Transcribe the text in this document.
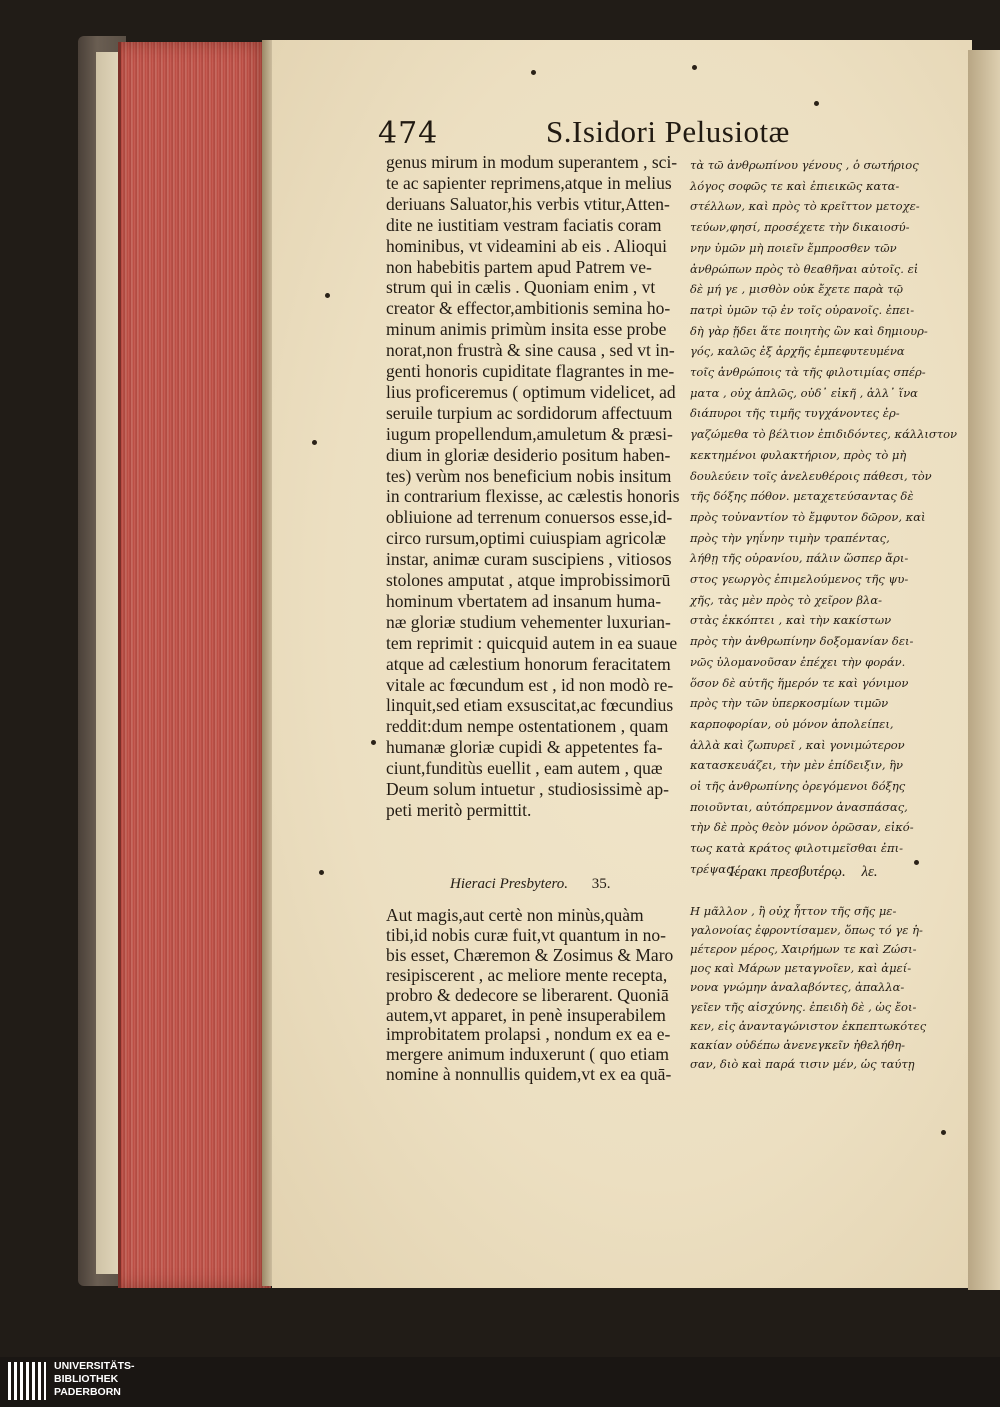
474	S.Isidori Pelusiotæ
genus mirum in modum superantem , sci-
te ac sapienter reprimens,atque in melius
deriuans Saluator,his verbis vtitur,Atten-
dite ne iustitiam vestram faciatis coram
hominibus, vt videamini ab eis . Alioqui
non habebitis partem apud Patrem ve-
strum qui in cælis . Quoniam enim , vt
creator & effector,ambitionis semina ho-
minum animis primùm insita esse probe
norat,non frustrà & sine causa , sed vt in-
genti honoris cupiditate flagrantes in me-
lius proficeremus ( optimum videlicet, ad
seruile turpium ac sordidorum affectuum
iugum propellendum,amuletum & præsi-
dium in gloriæ desiderio positum haben-
tes) verùm nos beneficium nobis insitum
in contrarium flexisse, ac cælestis honoris
obliuione ad terrenum conuersos esse,id-
circo rursum,optimi cuiuspiam agricolæ
instar, animæ curam suscipiens , vitiosos
stolones amputat , atque improbissimorū
hominum vbertatem ad insanum huma-
næ gloriæ studium vehementer luxurian-
tem reprimit : quicquid autem in ea suaue
atque ad cælestium honorum feracitatem
vitale ac fœcundum est , id non modò re-
linquit,sed etiam exsuscitat,ac fœcundius
reddit:dum nempe ostentationem , quam
humanæ gloriæ cupidi & appetentes fa-
ciunt,funditùs euellit , eam autem , quæ
Deum solum intuetur , studiosissimè ap-
peti meritò permittit.
Hieraci Presbytero. 35.
Aut magis,aut certè non minùs,quàm
tibi,id nobis curæ fuit,vt quantum in no-
bis esset, Chæremon & Zosimus & Maro
resipiscerent , ac meliore mente recepta,
probro & dedecore se liberarent. Quoniā
autem,vt apparet, in penè insuperabilem
improbitatem prolapsi , nondum ex ea e-
mergere animum induxerunt ( quo etiam
nomine à nonnullis quidem,vt ex ea quā-
τὰ τῶ ἀνθρωπίνου γένους , ὁ σωτήριος
λόγος σοφῶς τε καὶ ἐπιεικῶς κατα-
στέλλων, καὶ πρὸς τὸ κρεῖττον μετοχε-
τεύων,φησί, προσέχετε τὴν δικαιοσύ-
νην ὑμῶν μὴ ποιεῖν ἔμπροσθεν τῶν
ἀνθρώπων πρὸς τὸ θεαθῆναι αὐτοῖς. εἰ
δὲ μή γε , μισθὸν οὐκ ἔχετε παρὰ τῷ
πατρὶ ὑμῶν τῷ ἐν τοῖς οὐρανοῖς. ἐπει-
δὴ γὰρ ᾔδει ἅτε ποιητὴς ὢν καὶ δημιουρ-
γός, καλῶς ἐξ ἀρχῆς ἐμπεφυτευμένα
τοῖς ἀνθρώποις τὰ τῆς φιλοτιμίας σπέρ-
ματα , οὐχ ἁπλῶς, οὐδ᾽ εἰκῆ , ἀλλ᾽ ἵνα
διάπυροι τῆς τιμῆς τυγχάνοντες ἐρ-
γαζώμεθα τὸ βέλτιον ἐπιδιδόντες, κάλλιστον
κεκτημένοι φυλακτήριον, πρὸς τὸ μὴ
δουλεύειν τοῖς ἀνελευθέροις πάθεσι, τὸν
τῆς δόξης πόθον. μεταχετεύσαντας δὲ
πρὸς τοὐναντίον τὸ ἔμφυτον δῶρον, καὶ
πρὸς τὴν γηΐνην τιμὴν τραπέντας,
λήθῃ τῆς οὐρανίου, πάλιν ὥσπερ ἄρι-
στος γεωργὸς ἐπιμελούμενος τῆς ψυ-
χῆς, τὰς μὲν πρὸς τὸ χεῖρον βλα-
στὰς ἐκκόπτει , καὶ τὴν κακίστων
πρὸς τὴν ἀνθρωπίνην δοξομανίαν δει-
νῶς ὑλομανοῦσαν ἐπέχει τὴν φοράν.
ὅσον δὲ αὐτῆς ἥμερόν τε καὶ γόνιμον
πρὸς τὴν τῶν ὑπερκοσμίων τιμῶν
καρποφορίαν, οὐ μόνον ἀπολείπει,
ἀλλὰ καὶ ζωπυρεῖ , καὶ γονιμώτερον
κατασκευάζει, τὴν μὲν ἐπίδειξιν, ἣν
οἱ τῆς ἀνθρωπίνης ὀρεγόμενοι δόξης
ποιοῦνται, αὐτόπρεμνον ἀνασπάσας,
τὴν δὲ πρὸς θεὸν μόνον ὁρῶσαν, εἰκό-
τως κατὰ κράτος φιλοτιμεῖσθαι ἐπι-
τρέψας.
Ἱέρακι πρεσβυτέρῳ. λε.
Η μᾶλλον , ἢ οὐχ ἧττον τῆς σῆς με-
γαλονοίας ἐφροντίσαμεν, ὅπως τό γε ἡ-
μέτερον μέρος, Χαιρήμων τε καὶ Ζώσι-
μος καὶ Μάρων μεταγνοῖεν, καὶ ἀμεί-
νονα γνώμην ἀναλαβόντες, ἀπαλλα-
γεῖεν τῆς αἰσχύνης. ἐπειδὴ δὲ , ὡς ἔοι-
κεν, εἰς ἀνανταγώνιστον ἐκπεπτωκότες
κακίαν οὐδέπω ἀνενεγκεῖν ἠθελήθη-
σαν, διὸ καὶ παρά τισιν μέν, ὡς ταύτῃ
UNIVERSITÄTS-
BIBLIOTHEK
PADERBORN
